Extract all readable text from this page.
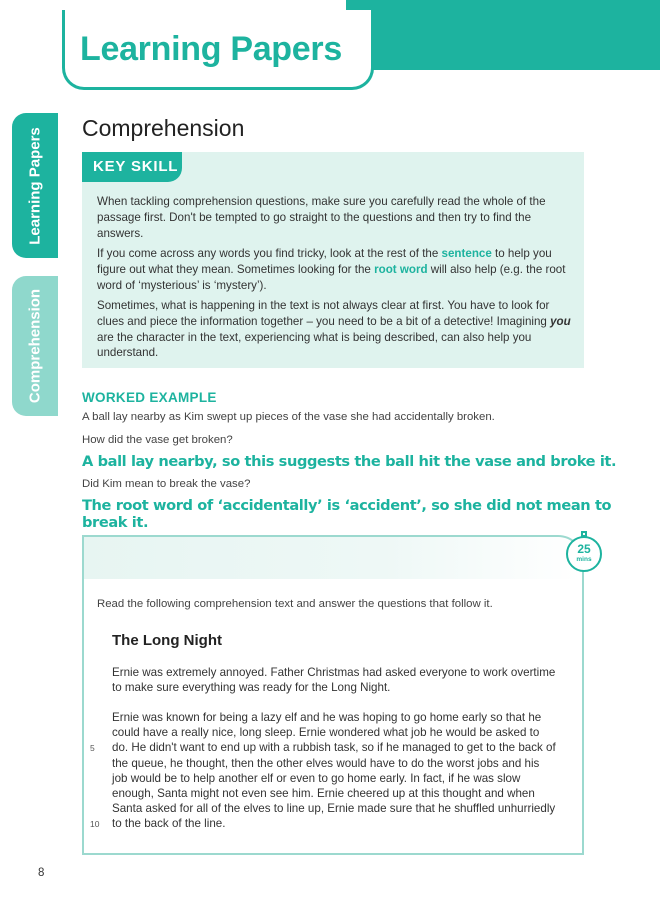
Learning Papers
Learning Papers
Comprehension
Comprehension
KEY SKILL

When tackling comprehension questions, make sure you carefully read the whole of the passage first. Don't be tempted to go straight to the questions and then try to find the answers.

If you come across any words you find tricky, look at the rest of the sentence to help you figure out what they mean. Sometimes looking for the root word will also help (e.g. the root word of ‘mysterious’ is ‘mystery’).

Sometimes, what is happening in the text is not always clear at first. You have to look for clues and piece the information together – you need to be a bit of a detective! Imagining you are the character in the text, experiencing what is being described, can also help you understand.

WORKED EXAMPLE
A ball lay nearby as Kim swept up pieces of the vase she had accidentally broken.
How did the vase get broken?
A ball lay nearby, so this suggests the ball hit the vase and broke it.
Did Kim mean to break the vase?
The root word of ‘accidentally’ is ‘accident’, so she did not mean to break it.
25
mins
Read the following comprehension text and answer the questions that follow it.
The Long Night

Ernie was extremely annoyed. Father Christmas had asked everyone to work overtime to make sure everything was ready for the Long Night.

Ernie was known for being a lazy elf and he was hoping to go home early so that he could have a really nice, long sleep. Ernie wondered what job he would be asked to do. He didn't want to end up with a rubbish task, so if he managed to get to the back of the queue, he thought, then the other elves would have to do the worst jobs and his job would be to help another elf or even to go home early. In fact, if he was slow enough, Santa might not even see him. Ernie cheered up at this thought and when Santa asked for all of the elves to line up, Ernie made sure that he shuffled unhurriedly to the back of the line.

5
10
8
